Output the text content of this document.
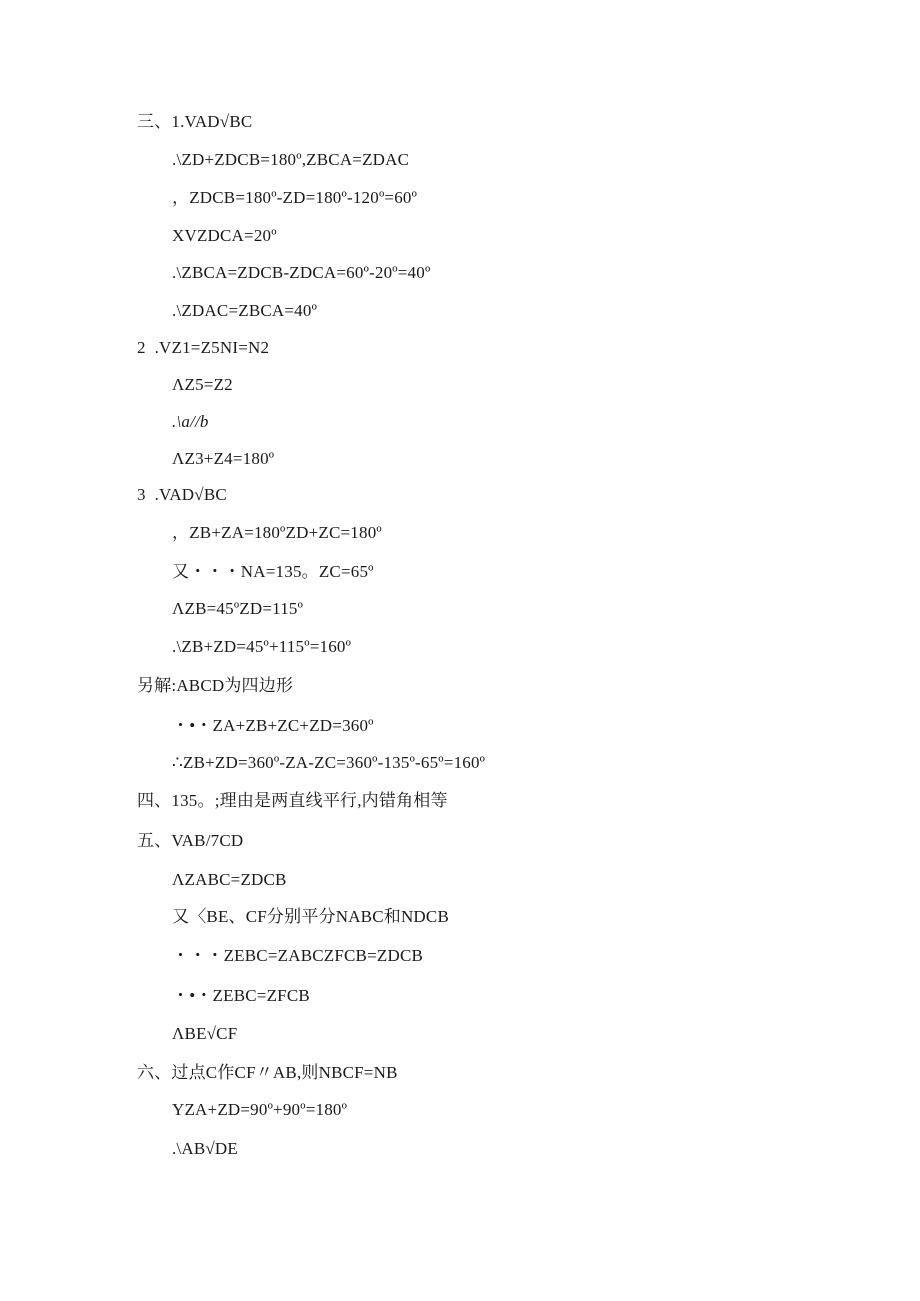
三、1.VAD√BC
.\ZD+ZDCB=180º,ZBCA=ZDAC
，ZDCB=180º-ZD=180º-120º=60º
XVZDCA=20º
.\ZBCA=ZDCB-ZDCA=60º-20º=40º
.\ZDAC=ZBCA=40º
2  .VZ1=Z5NI=N2
ΛZ5=Z2
.\a//b
ΛZ3+Z4=180º
3  .VAD√BC
，ZB+ZA=180ºZD+ZC=180º
又・・・NA=135。ZC=65º
ΛZB=45ºZD=115º
.\ZB+ZD=45º+115º=160º
另解:ABCD为四边形
・•・ZA+ZB+ZC+ZD=360º
∴ZB+ZD=360º-ZA-ZC=360º-135º-65º=160º
四、135。;理由是两直线平行,内错角相等
五、VAB/7CD
ΛZABC=ZDCB
又〈BE、CF分别平分NABC和NDCB
・・・ZEBC=ZABCZFCB=ZDCB
・•・ZEBC=ZFCB
ΛBE√CF
六、过点C作CF〃AB,则NBCF=NB
YZA+ZD=90º+90º=180º
.\AB√DE
